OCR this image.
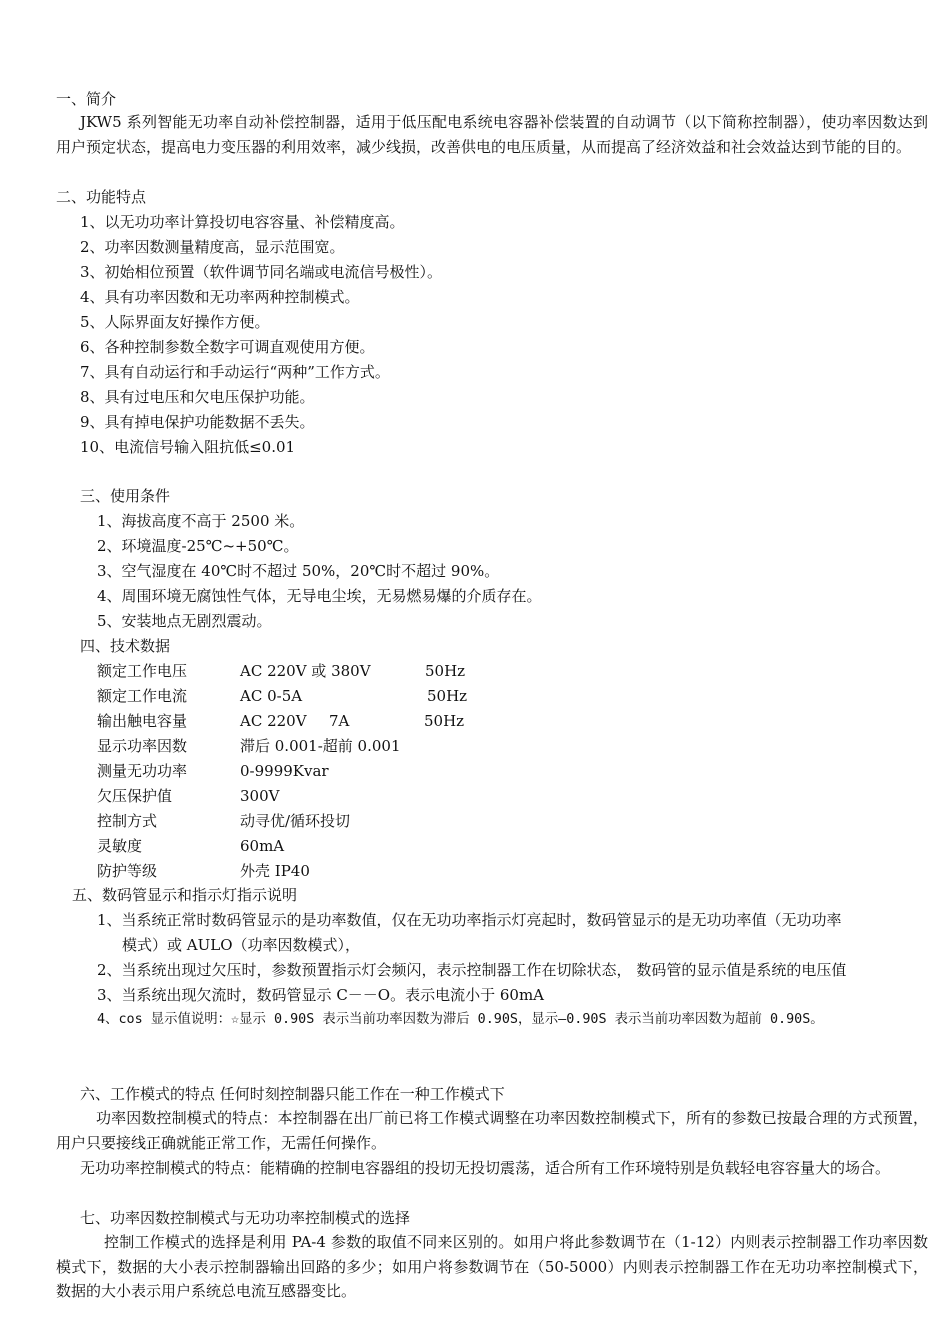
一、简介
JKW5 系列智能无功率自动补偿控制器，适用于低压配电系统电容器补偿装置的自动调节（以下简称控制器），使功率因数达到用户预定状态，提高电力变压器的利用效率，减少线损，改善供电的电压质量，从而提高了经济效益和社会效益达到节能的目的。
二、功能特点
1、以无功功率计算投切电容容量、补偿精度高。
2、功率因数测量精度高，显示范围宽。
3、初始相位预置（软件调节同名端或电流信号极性）。
4、具有功率因数和无功率两种控制模式。
5、人际界面友好操作方便。
6、各种控制参数全数字可调直观使用方便。
7、具有自动运行和手动运行“两种”工作方式。
8、具有过电压和欠电压保护功能。
9、具有掉电保护功能数据不丢失。
10、电流信号输入阻抗低≤0.01
三、使用条件
1、海拔高度不高于 2500 米。
2、环境温度-25℃~+50℃。
3、空气湿度在 40℃时不超过 50%，20℃时不超过 90%。
4、周围环境无腐蚀性气体，无导电尘埃，无易燃易爆的介质存在。
5、安装地点无剧烈震动。
四、技术数据
额定工作电压	AC 220V 或 380V	50Hz
额定工作电流	AC 0-5A	50Hz
输出触电容量	AC 220V 7A	50Hz
显示功率因数	滞后 0.001-超前 0.001
测量无功功率	0-9999Kvar
欠压保护值	300V
控制方式	动寻优/循环投切
灵敏度	60mA
防护等级	外壳 IP40
五、数码管显示和指示灯指示说明
1、当系统正常时数码管显示的是功率数值，仅在无功功率指示灯亮起时，数码管显示的是无功功率值（无功功率
模式）或 AULO（功率因数模式），
2、当系统出现过欠压时，参数预置指示灯会频闪，表示控制器工作在切除状态， 数码管的显示值是系统的电压值
3、当系统出现欠流时，数码管显示 C－－O。表示电流小于 60mA
4、cos 显示值说明：☆显示 0.90S 表示当前功率因数为滞后 0.90S，显示—0.90S 表示当前功率因数为超前 0.90S。
六、工作模式的特点 任何时刻控制器只能工作在一种工作模式下
功率因数控制模式的特点：本控制器在出厂前已将工作模式调整在功率因数控制模式下，所有的参数已按最合理的方式预置，用户只要接线正确就能正常工作，无需任何操作。
无功功率控制模式的特点：能精确的控制电容器组的投切无投切震荡，适合所有工作环境特别是负载轻电容容量大的场合。
七、功率因数控制模式与无功功率控制模式的选择
控制工作模式的选择是利用 PA-4 参数的取值不同来区别的。如用户将此参数调节在（1-12）内则表示控制器工作功率因数模式下，数据的大小表示控制器输出回路的多少；如用户将参数调节在（50-5000）内则表示控制器工作在无功功率控制模式下，数据的大小表示用户系统总电流互感器变比。
